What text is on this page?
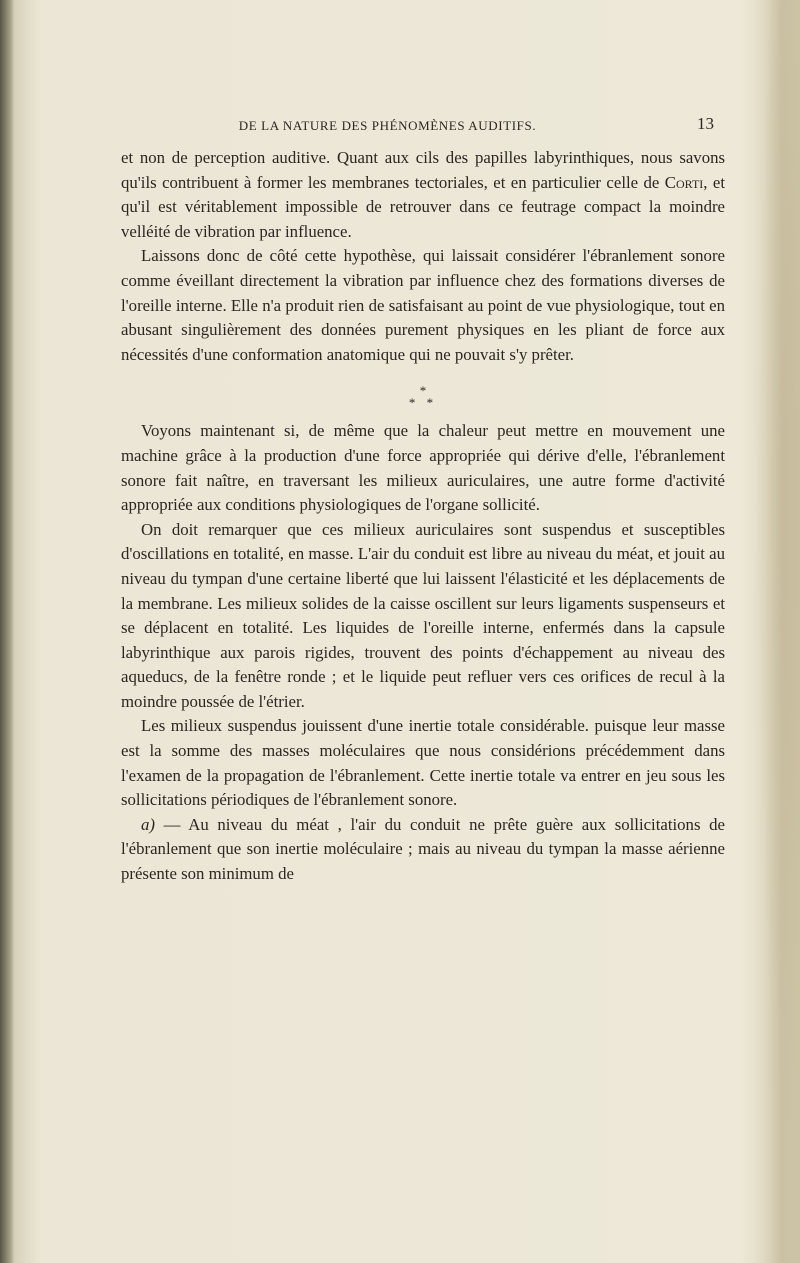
DE LA NATURE DES PHÉNOMÈNES AUDITIFS.	13

et non de perception auditive. Quant aux cils des papilles labyrinthiques, nous savons qu'ils contribuent à former les membranes tectoriales, et en particulier celle de Corti, et qu'il est véritablement impossible de retrouver dans ce feutrage compact la moindre velléité de vibration par influence.

Laissons donc de côté cette hypothèse, qui laissait considérer l'ébranlement sonore comme éveillant directement la vibration par influence chez des formations diverses de l'oreille interne. Elle n'a produit rien de satisfaisant au point de vue physiologique, tout en abusant singulièrement des données purement physiques en les pliant de force aux nécessités d'une conformation anatomique qui ne pouvait s'y prêter.

*
* *

Voyons maintenant si, de même que la chaleur peut mettre en mouvement une machine grâce à la production d'une force appropriée qui dérive d'elle, l'ébranlement sonore fait naître, en traversant les milieux auriculaires, une autre forme d'activité appropriée aux conditions physiologiques de l'organe sollicité.

On doit remarquer que ces milieux auriculaires sont suspendus et susceptibles d'oscillations en totalité, en masse. L'air du conduit est libre au niveau du méat, et jouit au niveau du tympan d'une certaine liberté que lui laissent l'élasticité et les déplacements de la membrane. Les milieux solides de la caisse oscillent sur leurs ligaments suspenseurs et se déplacent en totalité. Les liquides de l'oreille interne, enfermés dans la capsule labyrinthique aux parois rigides, trouvent des points d'échappement au niveau des aqueducs, de la fenêtre ronde ; et le liquide peut refluer vers ces orifices de recul à la moindre poussée de l'étrier.

Les milieux suspendus jouissent d'une inertie totale considérable. puisque leur masse est la somme des masses moléculaires que nous considérions précédemment dans l'examen de la propagation de l'ébranlement. Cette inertie totale va entrer en jeu sous les sollicitations périodiques de l'ébranlement sonore.

a) — Au niveau du méat , l'air du conduit ne prête guère aux sollicitations de l'ébranlement que son inertie moléculaire ; mais au niveau du tympan la masse aérienne présente son minimum de
